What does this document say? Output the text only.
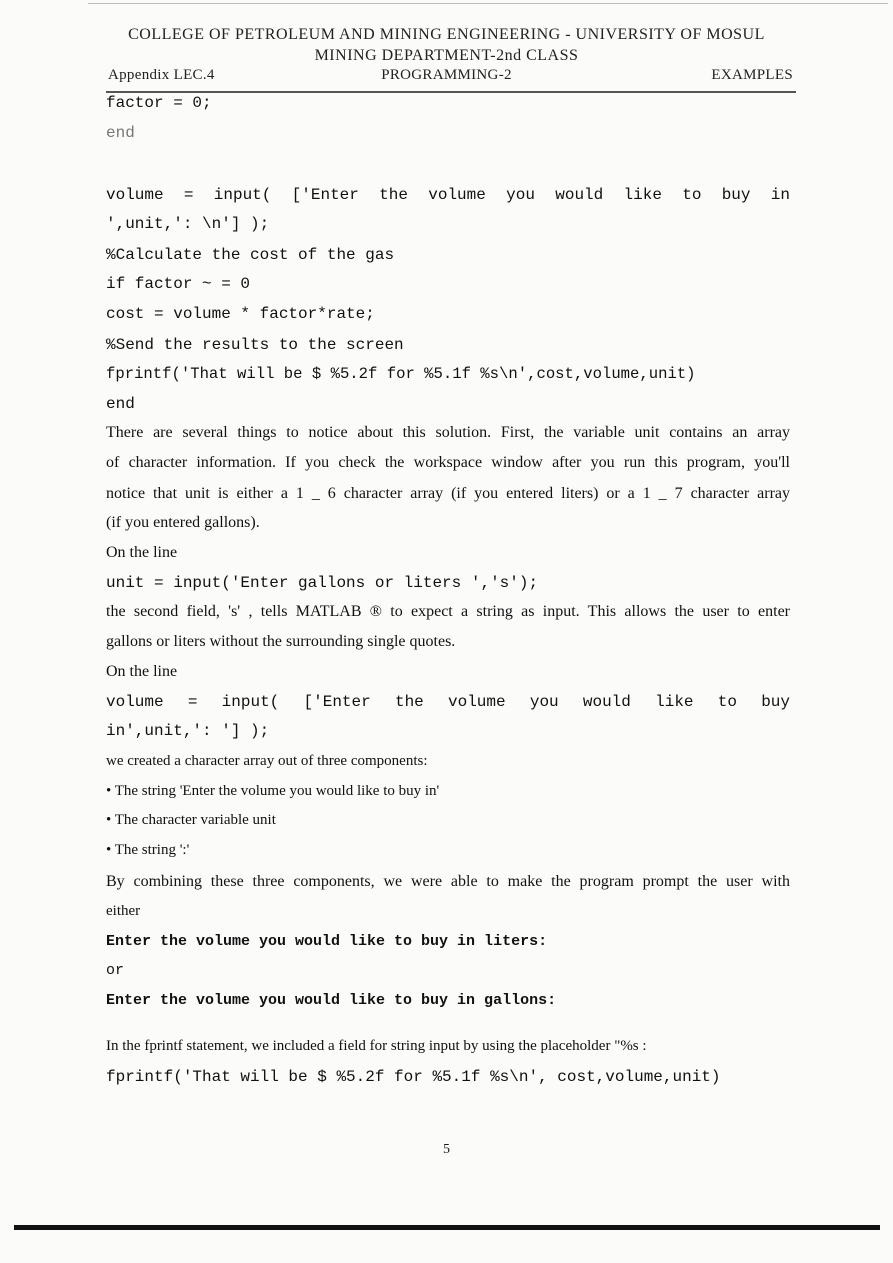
COLLEGE OF PETROLEUM AND MINING ENGINEERING - UNIVERSITY OF MOSUL
MINING DEPARTMENT-2nd CLASS
Appendix LEC.4	PROGRAMMING-2	EXAMPLES
factor = 0;
end
volume  =  input(  ['Enter  the  volume  you  would  like  to  buy  in
',unit,': \n'] );
%Calculate the cost of the gas
if factor ~ = 0
cost = volume * factor*rate;
%Send the results to the screen
fprintf('That will be $ %5.2f for %5.1f %s\n',cost,volume,unit)
end
There are several things to notice about this solution. First, the variable unit contains an array
of character information. If you check the workspace window after you run this program, you'll
notice that unit is either a 1 _ 6 character array (if you entered liters) or a 1 _ 7 character array
(if you entered gallons).
On the line
unit = input('Enter gallons or liters ','s');
the second field, 's' , tells MATLAB ® to expect a string as input. This allows the user to enter
gallons or liters without the surrounding single quotes.
On the line
volume  =  input(  ['Enter  the  volume  you  would  like  to  buy
in',unit,': '] );
we created a character array out of three components:
• The string 'Enter the volume you would like to buy in'
• The character variable unit
• The string ':'
By combining these three components, we were able to make the program prompt the user with
either
Enter the volume you would like to buy in liters:
or
Enter the volume you would like to buy in gallons:
In the fprintf statement, we included a field for string input by using the placeholder "%s :
fprintf('That will be $ %5.2f for %5.1f %s\n', cost,volume,unit)
5
